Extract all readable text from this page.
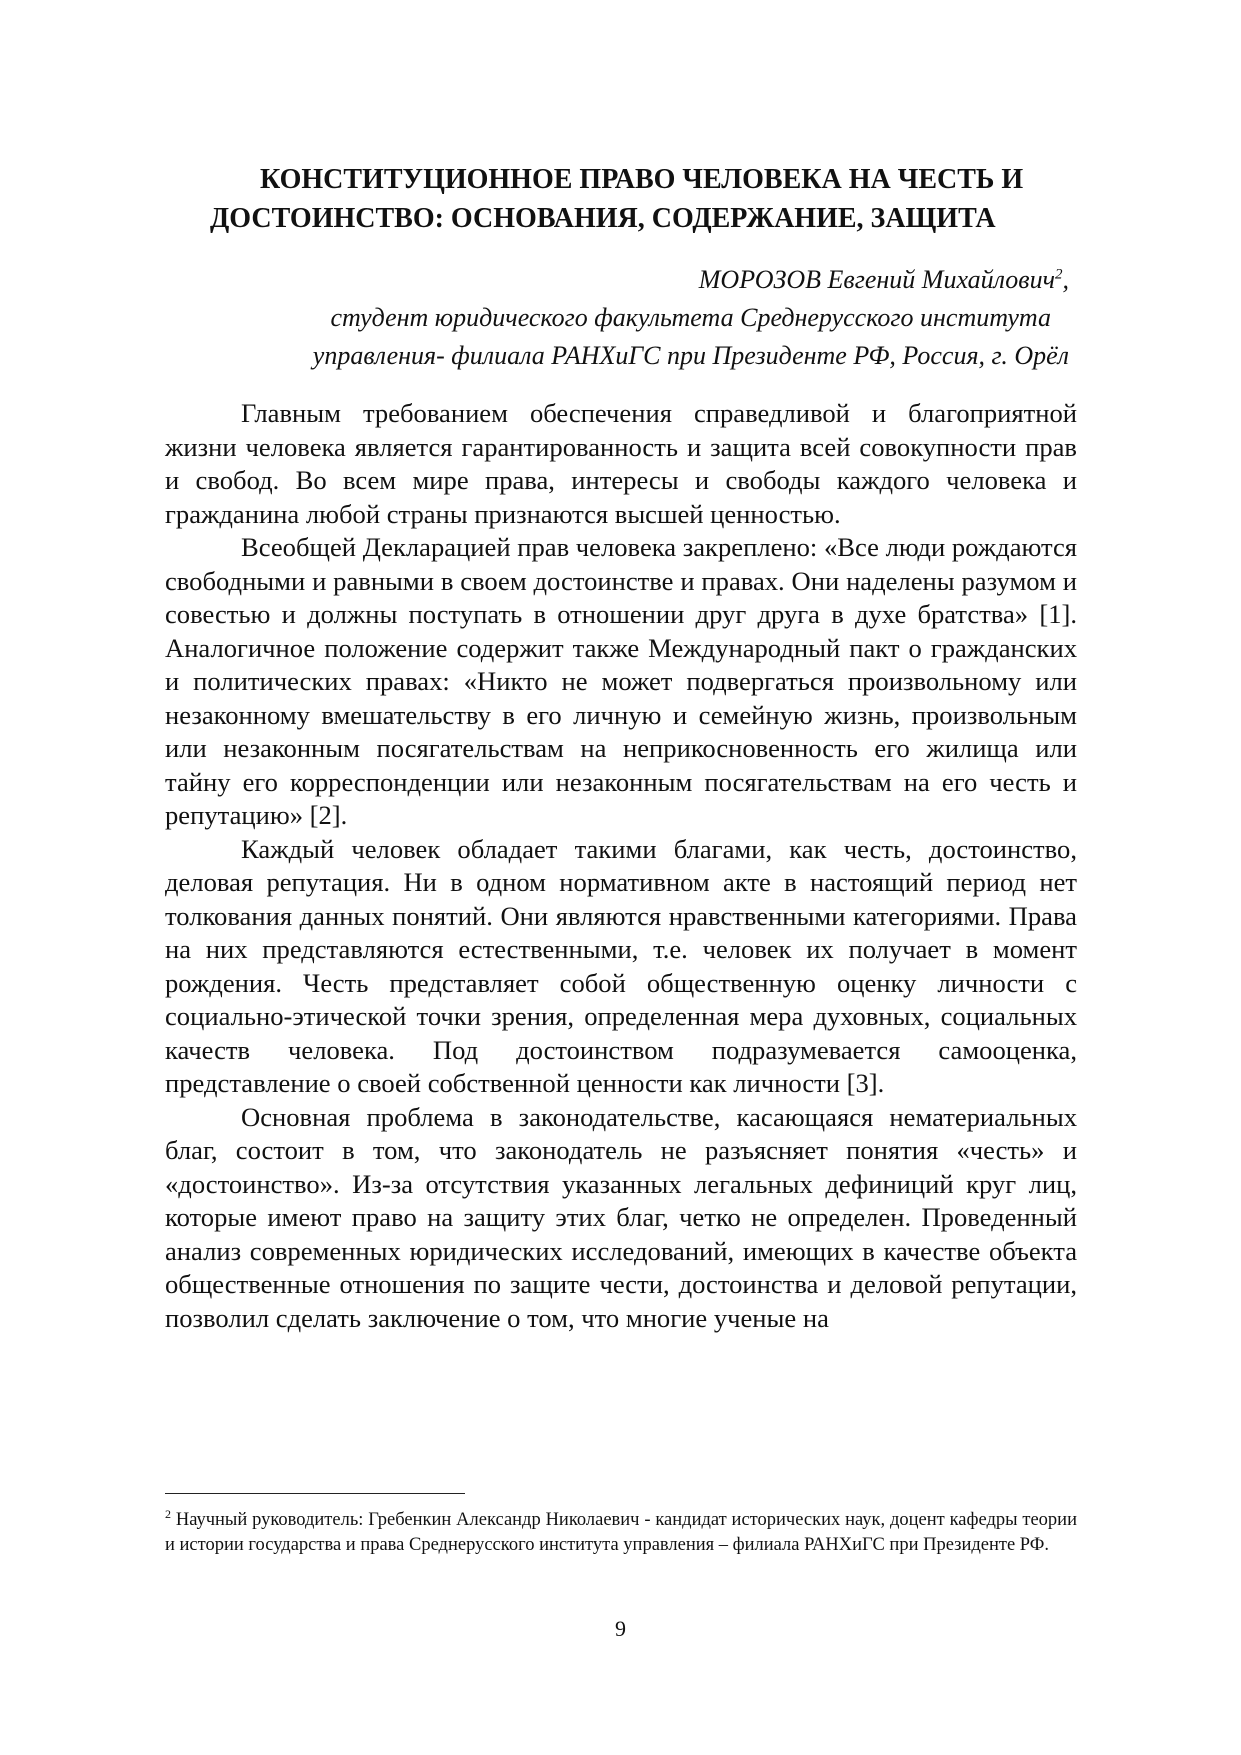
КОНСТИТУЦИОННОЕ ПРАВО ЧЕЛОВЕКА НА ЧЕСТЬ И
ДОСТОИНСТВО: ОСНОВАНИЯ, СОДЕРЖАНИЕ, ЗАЩИТА
МОРОЗОВ Евгений Михайлович$^2$,
студент юридического факультета Среднерусского института
управления- филиала РАНХиГС при Президенте РФ, Россия, г. Орёл

Главным требованием обеспечения справедливой и благоприятной жизни человека является гарантированность и защита всей совокупности прав и свобод. Во всем мире права, интересы и свободы каждого человека и гражданина любой страны признаются высшей ценностью.

Всеобщей Декларацией прав человека закреплено: «Все люди рождаются свободными и равными в своем достоинстве и правах. Они наделены разумом и совестью и должны поступать в отношении друг друга в духе братства» [1]. Аналогичное положение содержит также Международный пакт о гражданских и политических правах: «Никто не может подвергаться произвольному или незаконному вмешательству в его личную и семейную жизнь, произвольным или незаконным посягательствам на неприкосновенность его жилища или тайну его корреспонденции или незаконным посягательствам на его честь и репутацию» [2].

Каждый человек обладает такими благами, как честь, достоинство, деловая репутация. Ни в одном нормативном акте в настоящий период нет толкования данных понятий. Они являются нравственными категориями. Права на них представляются естественными, т.е. человек их получает в момент рождения. Честь представляет собой общественную оценку личности с социально-этической точки зрения, определенная мера духовных, социальных качеств человека. Под достоинством подразумевается самооценка, представление о своей собственной ценности как личности [3].

Основная проблема в законодательстве, касающаяся нематериальных благ, состоит в том, что законодатель не разъясняет понятия «честь» и «достоинство». Из-за отсутствия указанных легальных дефиниций круг лиц, которые имеют право на защиту этих благ, четко не определен. Проведенный анализ современных юридических исследований, имеющих в качестве объекта общественные отношения по защите чести, достоинства и деловой репутации, позволил сделать заключение о том, что многие ученые на

$^2$ Научный руководитель: Гребенкин Александр Николаевич - кандидат исторических наук, доцент кафедры теории и истории государства и права Среднерусского института управления – филиала РАНХиГС при Президенте РФ.

9
